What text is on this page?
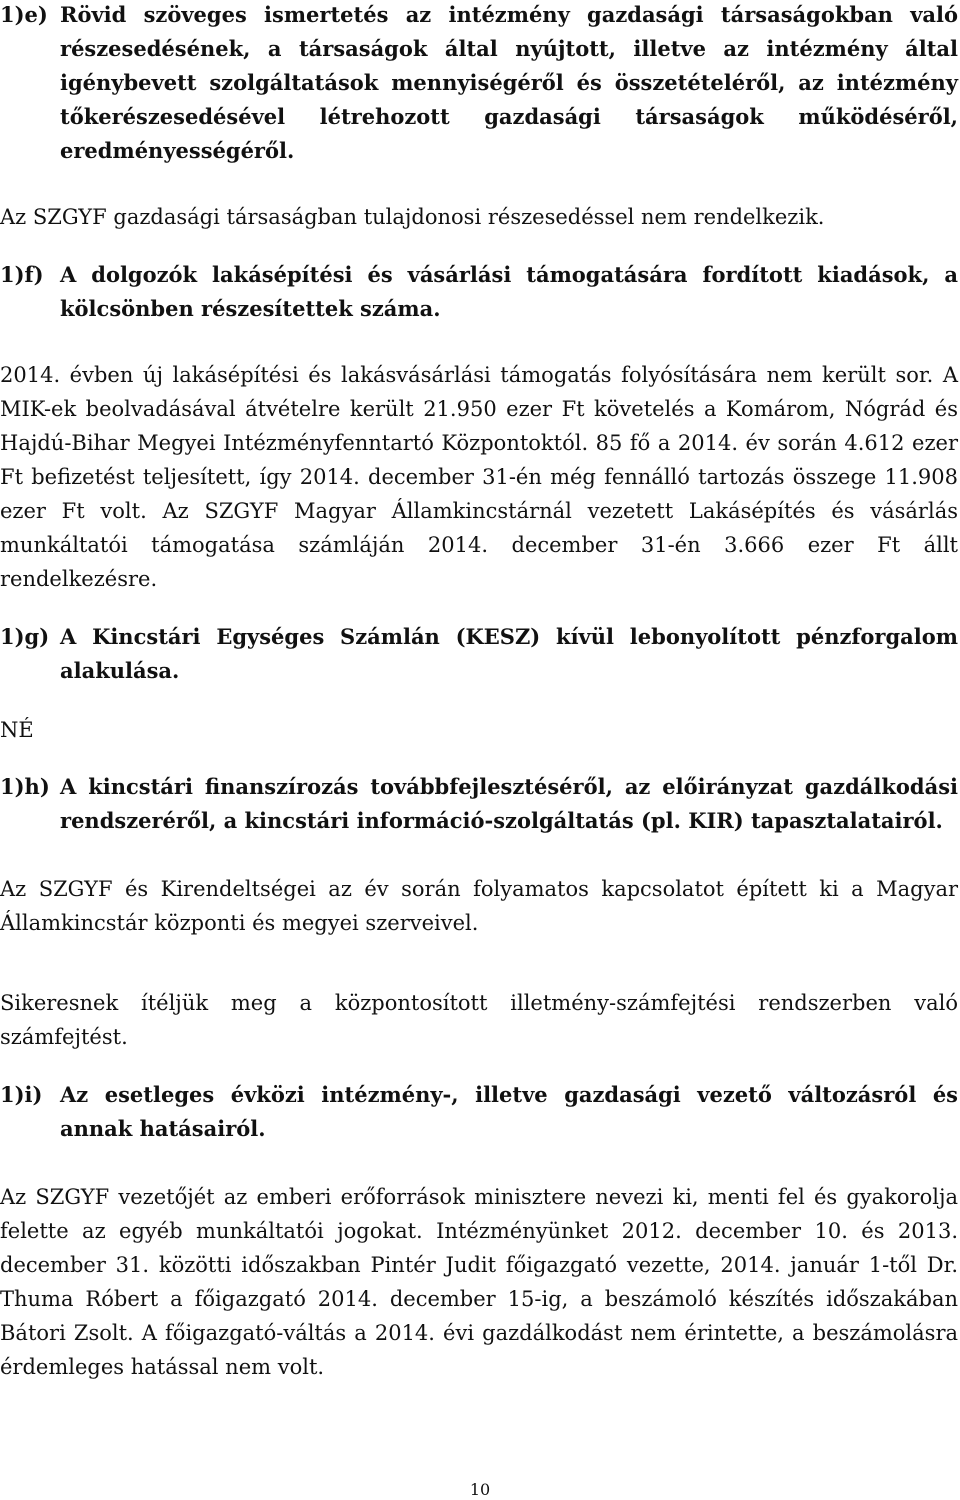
1)e) Rövid szöveges ismertetés az intézmény gazdasági társaságokban való részesedésének, a társaságok által nyújtott, illetve az intézmény által igénybevett szolgáltatások mennyiségéről és összetételéről, az intézmény tőkerészesedésével létrehozott gazdasági társaságok működéséről, eredményességéről.
Az SZGYF gazdasági társaságban tulajdonosi részesedéssel nem rendelkezik.
1)f) A dolgozók lakásépítési és vásárlási támogatására fordított kiadások, a kölcsönben részesítettek száma.
2014. évben új lakásépítési és lakásvásárlási támogatás folyósítására nem került sor. A MIK-ek beolvadásával átvételre került 21.950 ezer Ft követelés a Komárom, Nógrád és Hajdú-Bihar Megyei Intézményfenntartó Központoktól. 85 fő a 2014. év során 4.612 ezer Ft befizetést teljesített, így 2014. december 31-én még fennálló tartozás összege 11.908 ezer Ft volt. Az SZGYF Magyar Államkincstárnál vezetett Lakásépítés és vásárlás munkáltatói támogatása számláján 2014. december 31-én 3.666 ezer Ft állt rendelkezésre.
1)g) A Kincstári Egységes Számlán (KESZ) kívül lebonyolított pénzforgalom alakulása.
NÉ
1)h) A kincstári finanszírozás továbbfejlesztéséről, az előirányzat gazdálkodási rendszeréről, a kincstári információ-szolgáltatás (pl. KIR) tapasztalatairól.
Az SZGYF és Kirendeltségei az év során folyamatos kapcsolatot épített ki a Magyar Államkincstár központi és megyei szerveivel.
Sikeresnek ítéljük meg a központosított illetmény-számfejtési rendszerben való számfejtést.
1)i) Az esetleges évközi intézmény-, illetve gazdasági vezető változásról és annak hatásairól.
Az SZGYF vezetőjét az emberi erőforrások minisztere nevezi ki, menti fel és gyakorolja felette az egyéb munkáltatói jogokat. Intézményünket 2012. december 10. és 2013. december 31. közötti időszakban Pintér Judit főigazgató vezette, 2014. január 1-től Dr. Thuma Róbert a főigazgató 2014. december 15-ig, a beszámoló készítés időszakában Bátori Zsolt. A főigazgató-váltás a 2014. évi gazdálkodást nem érintette, a beszámolásra érdemleges hatással nem volt.
10
